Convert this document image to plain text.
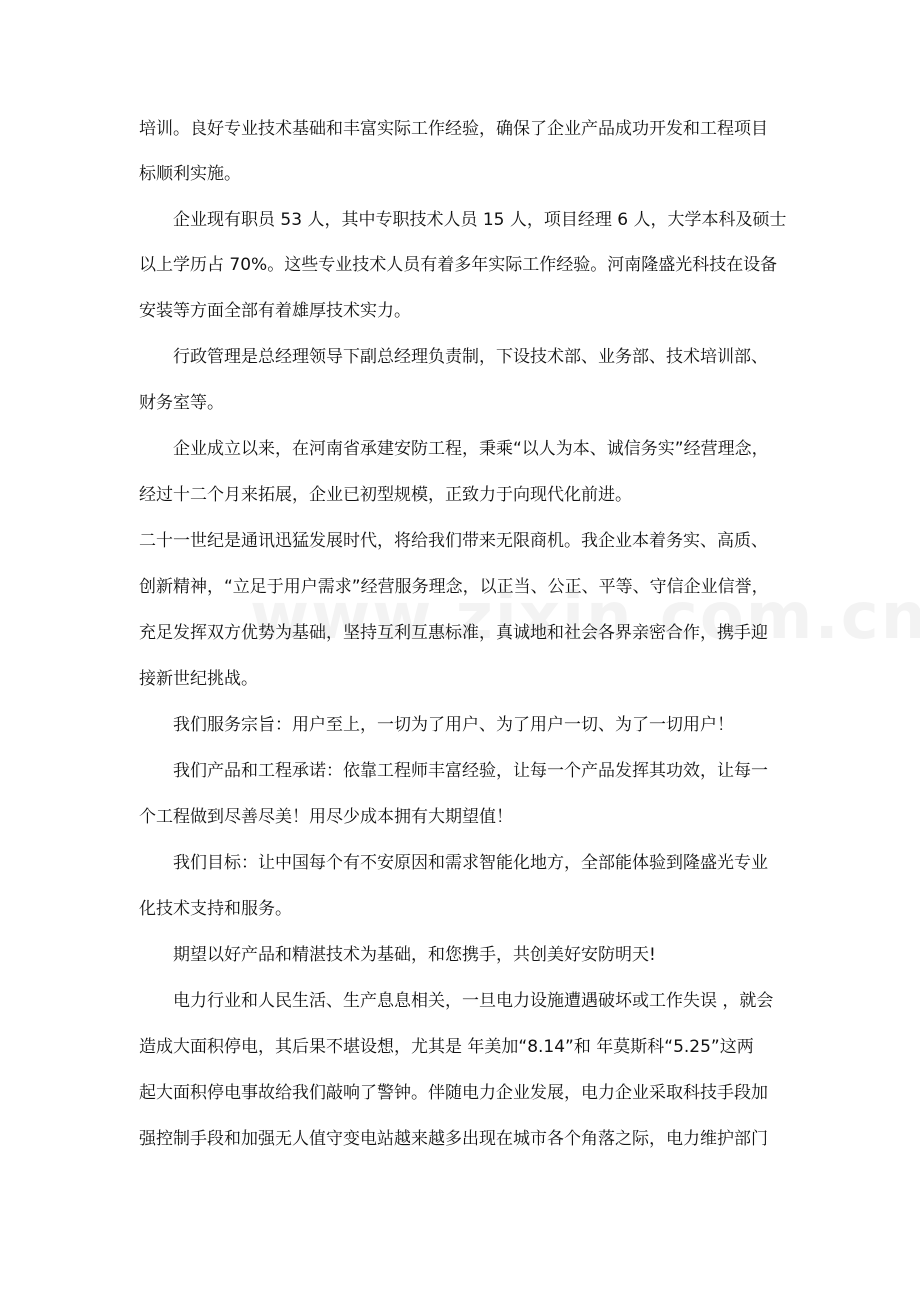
培训。良好专业技术基础和丰富实际工作经验，确保了企业产品成功开发和工程项目
标顺利实施。
企业现有职员 53 人，其中专职技术人员 15 人，项目经理 6 人，大学本科及硕士
以上学历占 70%。这些专业技术人员有着多年实际工作经验。河南隆盛光科技在设备
安装等方面全部有着雄厚技术实力。
行政管理是总经理领导下副总经理负责制，下设技术部、业务部、技术培训部、
财务室等。
企业成立以来，在河南省承建安防工程，秉乘“以人为本、诚信务实”经营理念，
经过十二个月来拓展，企业已初型规模，正致力于向现代化前进。
二十一世纪是通讯迅猛发展时代，将给我们带来无限商机。我企业本着务实、高质、
创新精神，“立足于用户需求”经营服务理念，以正当、公正、平等、守信企业信誉，
充足发挥双方优势为基础，坚持互利互惠标准，真诚地和社会各界亲密合作，携手迎
接新世纪挑战。
我们服务宗旨：用户至上，一切为了用户、为了用户一切、为了一切用户！
我们产品和工程承诺：依靠工程师丰富经验，让每一个产品发挥其功效，让每一
个工程做到尽善尽美！用尽少成本拥有大期望值！
我们目标：让中国每个有不安原因和需求智能化地方，全部能体验到隆盛光专业
化技术支持和服务。
期望以好产品和精湛技术为基础，和您携手，共创美好安防明天!
电力行业和人民生活、生产息息相关，一旦电力设施遭遇破坏或工作失误 ，就会
造成大面积停电，其后果不堪设想，尤其是 年美加“8.14”和 年莫斯科“5.25”这两
起大面积停电事故给我们敲响了警钟。伴随电力企业发展，电力企业采取科技手段加
强控制手段和加强无人值守变电站越来越多出现在城市各个角落之际，电力维护部门
